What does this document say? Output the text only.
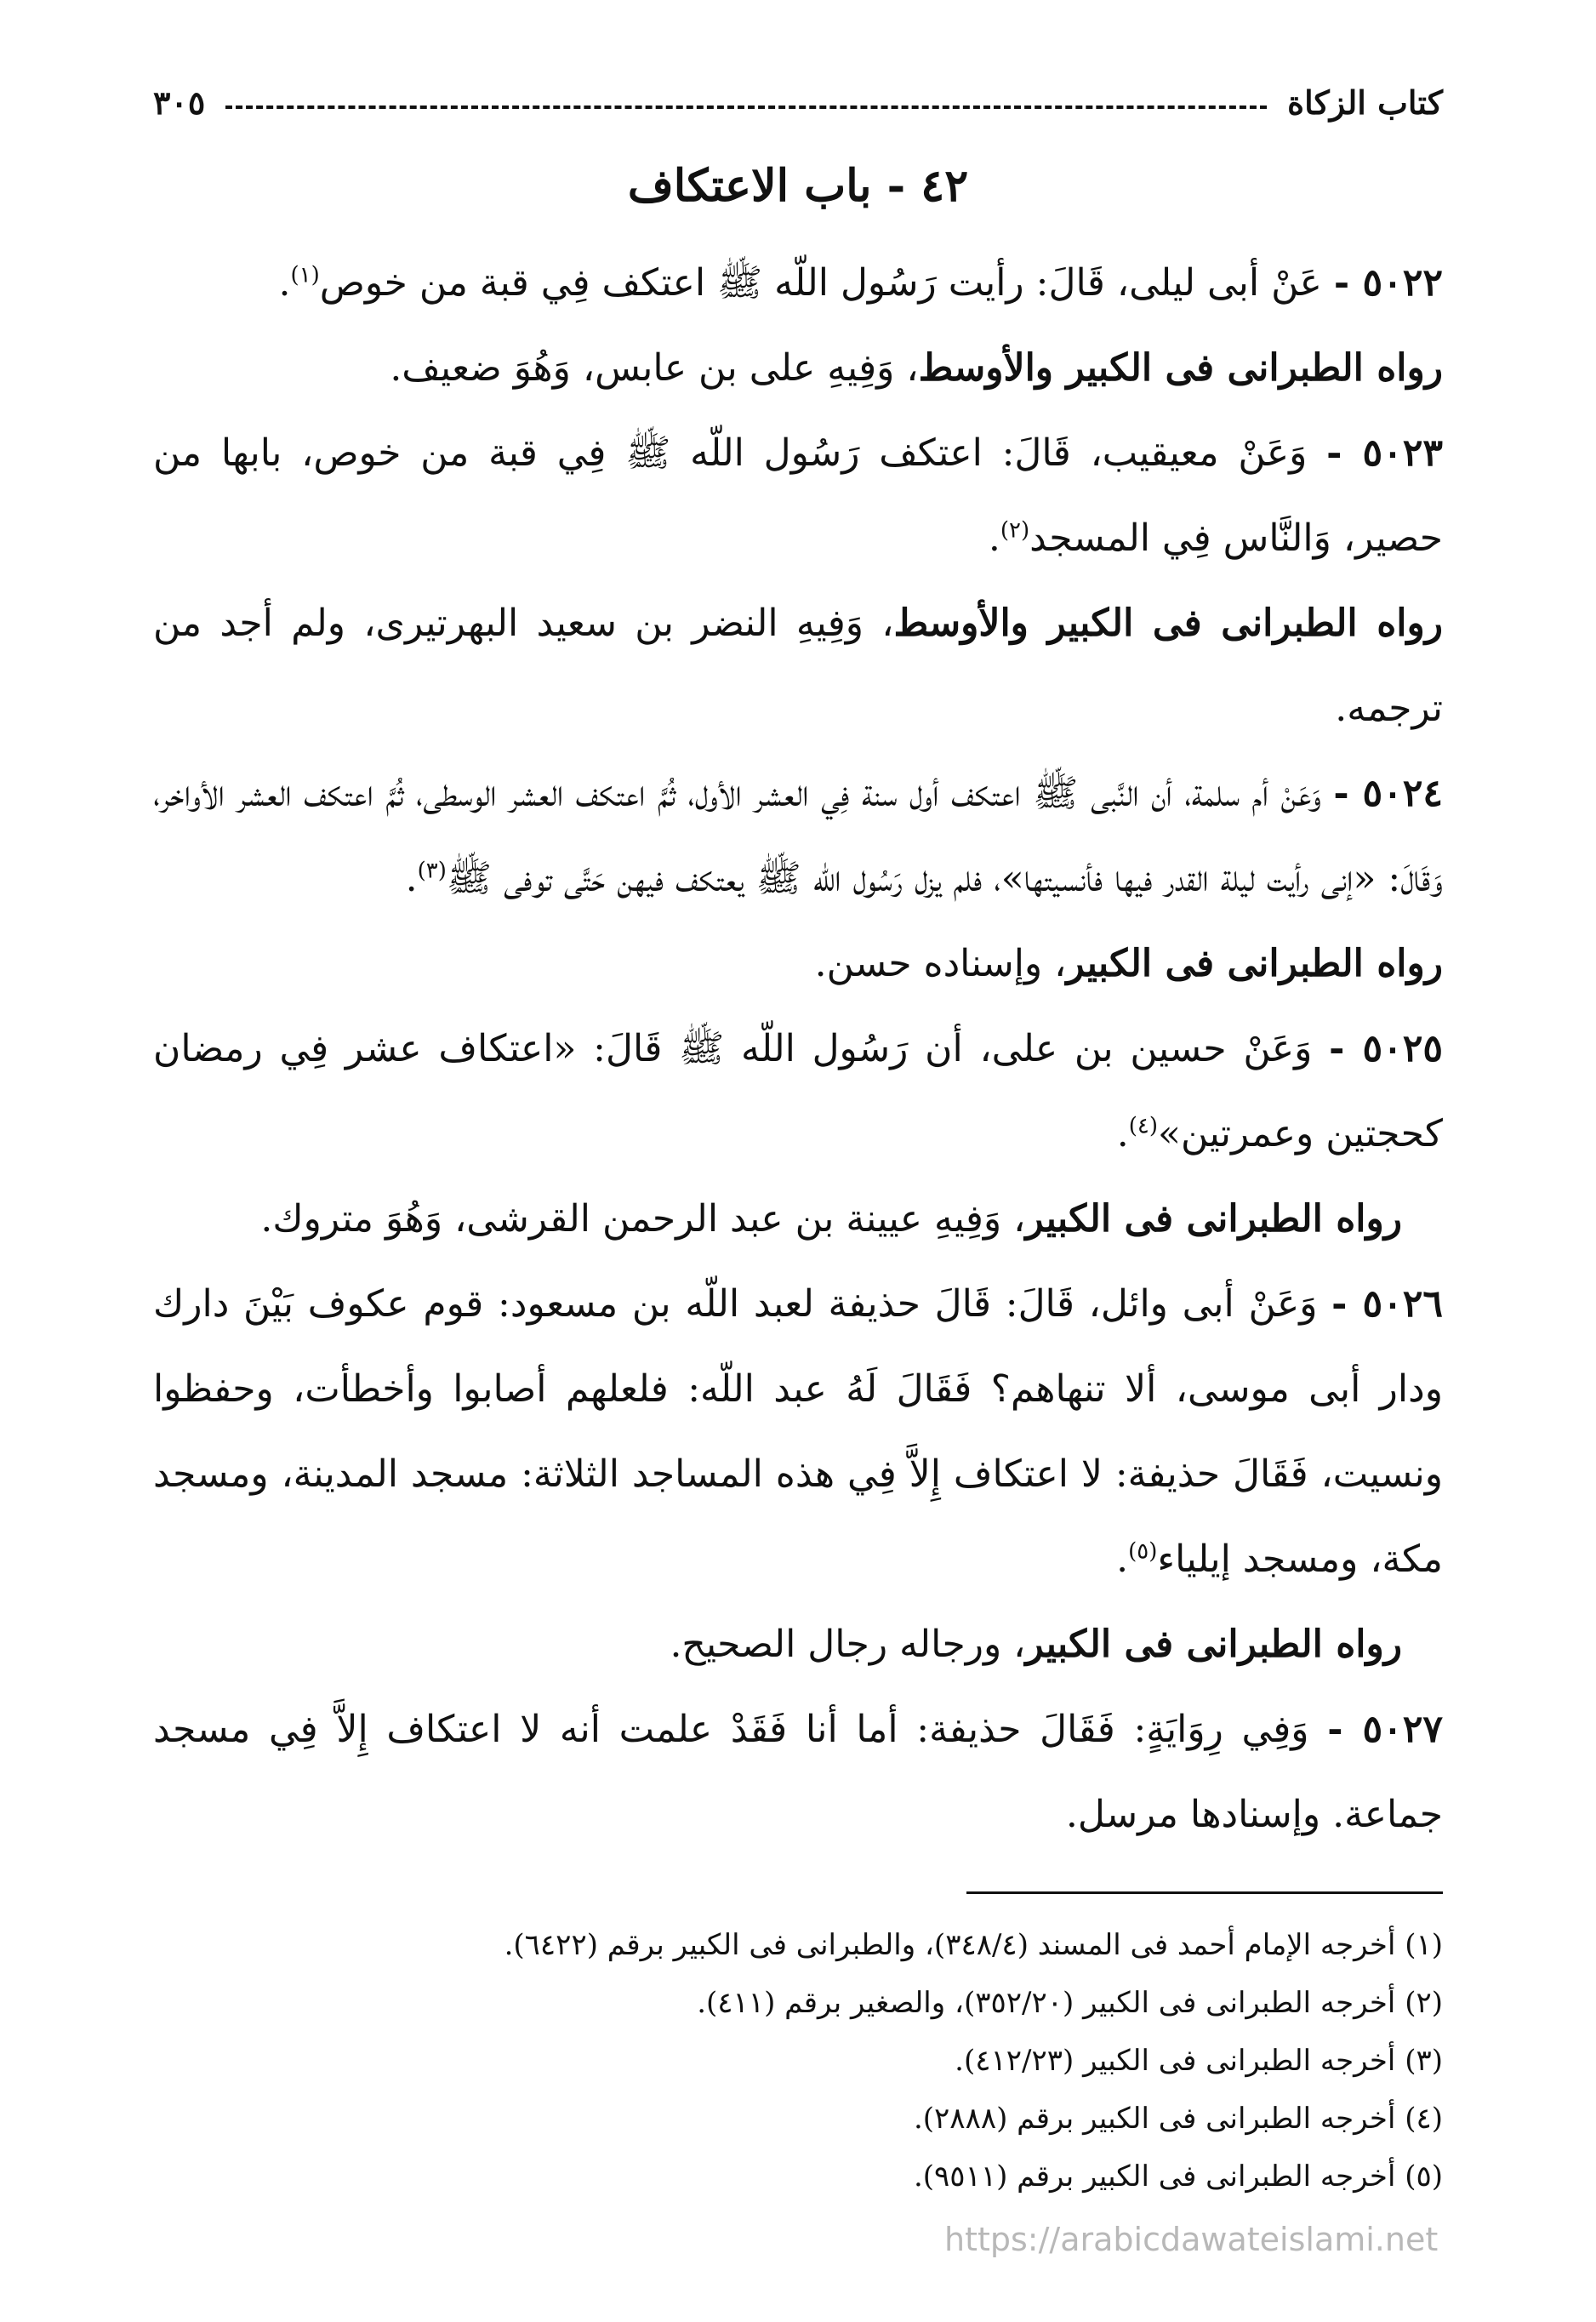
كتاب الزكاة
٣٠٥
٤٢ - باب الاعتكاف

٥٠٢٢ - عَنْ أبى ليلى، قَالَ: رأيت رَسُول اللّه ﷺ اعتكف فِي قبة من خوص$^{(١)}$.

رواه الطبرانى فى الكبير والأوسط، وَفِيهِ على بن عابس، وَهُوَ ضعيف.

٥٠٢٣ - وَعَنْ معيقيب، قَالَ: اعتكف رَسُول اللّه ﷺ فِي قبة من خوص، بابها من حصير، وَالنَّاس فِي المسجد$^{(٢)}$.

رواه الطبرانى فى الكبير والأوسط، وَفِيهِ النضر بن سعيد البهرتيرى، ولم أجد من ترجمه.

٥٠٢٤ - وَعَنْ أم سلمة، أن النَّبى ﷺ اعتكف أول سنة فِي العشر الأول، ثُمَّ اعتكف العشر الوسطى، ثُمَّ اعتكف العشر الأواخر، وَقَالَ: «إنى رأيت ليلة القدر فيها فأنسيتها»، فلم يزل رَسُول اللّه ﷺ يعتكف فيهن حَتَّى توفى ﷺ$^{(٣)}$.

رواه الطبرانى فى الكبير، وإسناده حسن.

٥٠٢٥ - وَعَنْ حسين بن على، أن رَسُول اللّه ﷺ قَالَ: «اعتكاف عشر فِي رمضان كحجتين وعمرتين»$^{(٤)}$.

رواه الطبرانى فى الكبير، وَفِيهِ عيينة بن عبد الرحمن القرشى، وَهُوَ متروك.

٥٠٢٦ - وَعَنْ أبى وائل، قَالَ: قَالَ حذيفة لعبد اللّه بن مسعود: قوم عكوف بَيْنَ دارك ودار أبى موسى، ألا تنهاهم؟ فَقَالَ لَهُ عبد اللّه: فلعلهم أصابوا وأخطأت، وحفظوا ونسيت، فَقَالَ حذيفة: لا اعتكاف إِلاَّ فِي هذه المساجد الثلاثة: مسجد المدينة، ومسجد مكة، ومسجد إيلياء$^{(٥)}$.

رواه الطبرانى فى الكبير، ورجاله رجال الصحيح.

٥٠٢٧ - وَفِي رِوَايَةٍ: فَقَالَ حذيفة: أما أنا فَقَدْ علمت أنه لا اعتكاف إِلاَّ فِي مسجد جماعة. وإسنادها مرسل.

(١) أخرجه الإمام أحمد فى المسند (٣٤٨/٤)، والطبرانى فى الكبير برقم (٦٤٢٢).

(٢) أخرجه الطبرانى فى الكبير (٣٥٢/٢٠)، والصغير برقم (٤١١).

(٣) أخرجه الطبرانى فى الكبير (٤١٢/٢٣).

(٤) أخرجه الطبرانى فى الكبير برقم (٢٨٨٨).

(٥) أخرجه الطبرانى فى الكبير برقم (٩٥١١).

https://arabicdawateislami.net
